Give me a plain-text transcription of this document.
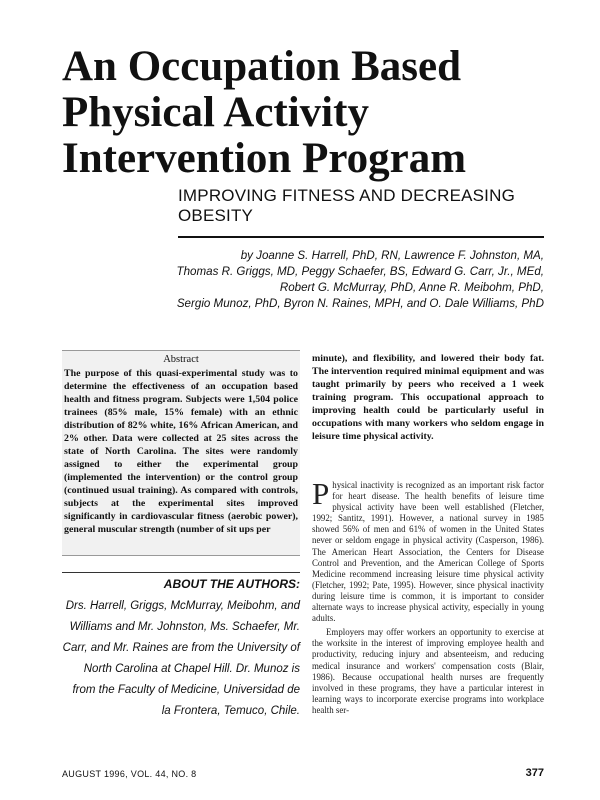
An Occupation Based Physical Activity Intervention Program
IMPROVING FITNESS AND DECREASING OBESITY
by Joanne S. Harrell, PhD, RN, Lawrence F. Johnston, MA,
Thomas R. Griggs, MD, Peggy Schaefer, BS, Edward G. Carr, Jr., MEd,
Robert G. McMurray, PhD, Anne R. Meibohm, PhD,
Sergio Munoz, PhD, Byron N. Raines, MPH, and O. Dale Williams, PhD
Abstract

The purpose of this quasi-experimental study was to determine the effectiveness of an occupation based health and fitness program. Subjects were 1,504 police trainees (85% male, 15% female) with an ethnic distribution of 82% white, 16% African American, and 2% other. Data were collected at 25 sites across the state of North Carolina. The sites were randomly assigned to either the experimental group (implemented the intervention) or the control group (continued usual training). As compared with controls, subjects at the experimental sites improved significantly in cardiovascular fitness (aerobic power), general muscular strength (number of sit ups per

minute), and flexibility, and lowered their body fat. The intervention required minimal equipment and was taught primarily by peers who received a 1 week training program. This occupational approach to improving health could be particularly useful in occupations with many workers who seldom engage in leisure time physical activity.

ABOUT THE AUTHORS:

Drs. Harrell, Griggs, McMurray, Meibohm, and Williams and Mr. Johnston, Ms. Schaefer, Mr. Carr, and Mr. Raines are from the University of North Carolina at Chapel Hill. Dr. Munoz is from the Faculty of Medicine, Universidad de la Frontera, Temuco, Chile.

Physical inactivity is recognized as an important risk factor for heart disease. The health benefits of leisure time physical activity have been well established (Fletcher, 1992; Santitz, 1991). However, a national survey in 1985 showed 56% of men and 61% of women in the United States never or seldom engage in physical activity (Casperson, 1986). The American Heart Association, the Centers for Disease Control and Prevention, and the American College of Sports Medicine recommend increasing leisure time physical activity (Fletcher, 1992; Pate, 1995). However, since physical inactivity during leisure time is common, it is important to consider alternate ways to increase physical activity, especially in young adults.

Employers may offer workers an opportunity to exercise at the worksite in the interest of improving employee health and productivity, reducing injury and absenteeism, and reducing medical insurance and workers' compensation costs (Blair, 1986). Because occupational health nurses are frequently involved in these programs, they have a particular interest in learning ways to incorporate exercise programs into workplace health ser-

AUGUST 1996, VOL. 44, NO. 8	377
